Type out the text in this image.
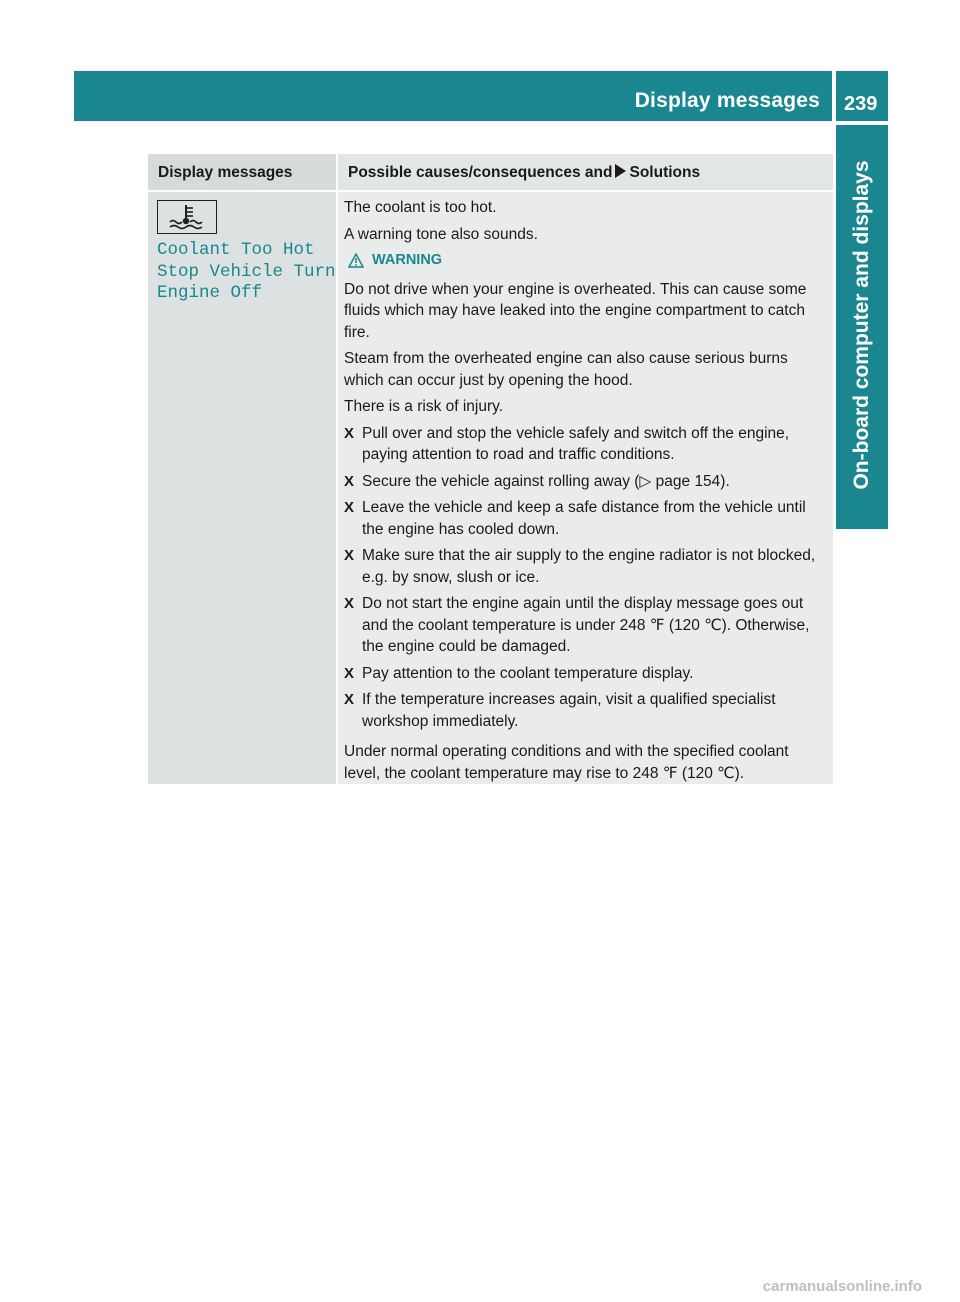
Display messages 239
On-board computer and displays
Display messages	Possible causes/consequences and Solutions
Coolant Too Hot
Stop Vehicle Turn
Engine Off

The coolant is too hot.

A warning tone also sounds.

WARNING

Do not drive when your engine is overheated. This can cause some fluids which may have leaked into the engine compartment to catch fire.

Steam from the overheated engine can also cause serious burns which can occur just by opening the hood.

There is a risk of injury.

X Pull over and stop the vehicle safely and switch off the engine, paying attention to road and traffic conditions.
X Secure the vehicle against rolling away (▷ page 154).
X Leave the vehicle and keep a safe distance from the vehicle until the engine has cooled down.
X Make sure that the air supply to the engine radiator is not blocked, e.g. by snow, slush or ice.
X Do not start the engine again until the display message goes out and the coolant temperature is under 248 ℉ (120 ℃). Otherwise, the engine could be damaged.
X Pay attention to the coolant temperature display.
X If the temperature increases again, visit a qualified specialist workshop immediately.

Under normal operating conditions and with the specified coolant level, the coolant temperature may rise to 248 ℉ (120 ℃).

carmanualsonline.info
